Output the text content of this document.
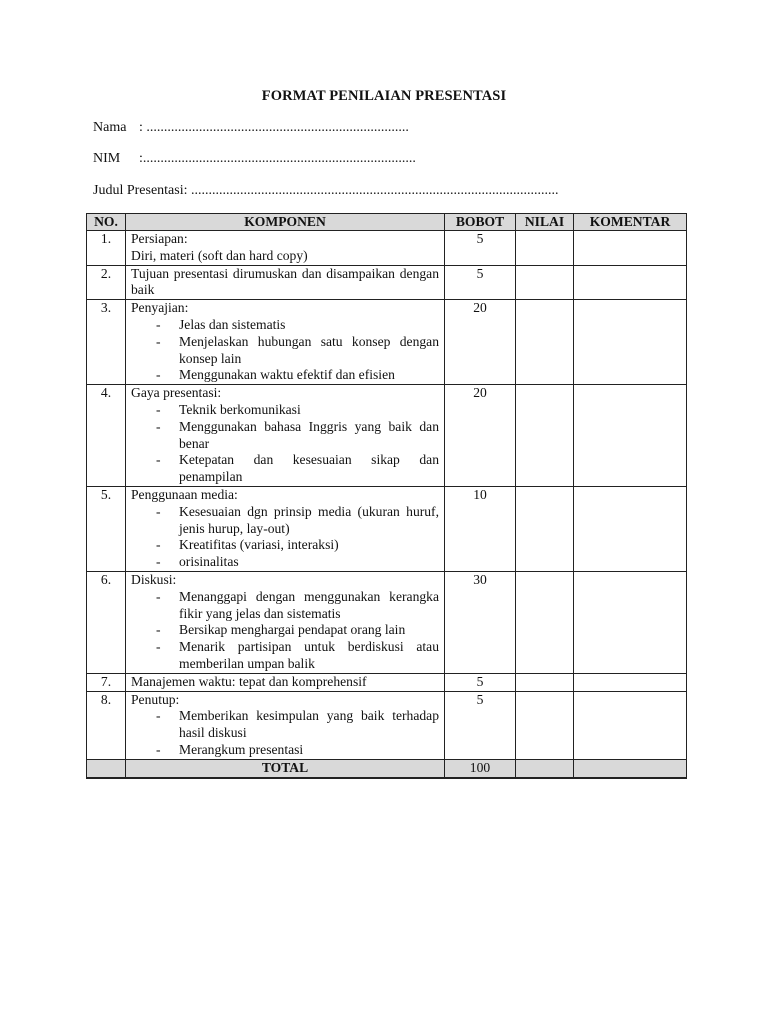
FORMAT PENILAIAN PRESENTASI
Nama : ...........................................................................
NIM :..............................................................................
Judul Presentasi: .........................................................................................................
NO.	KOMPONEN	BOBOT	NILAI	KOMENTAR
1.	Persiapan:
Diri, materi (soft dan hard copy)	5		
2.	Tujuan presentasi dirumuskan dan disampaikan dengan baik	5		
3.	Penyajian:
- Jelas dan sistematis
- Menjelaskan hubungan satu konsep dengan konsep lain
- Menggunakan waktu efektif dan efisien
	20		
4.	Gaya presentasi:
- Teknik berkomunikasi
- Menggunakan bahasa Inggris yang baik dan benar
- Ketepatan dan kesesuaian sikap dan penampilan
	20		
5.	Penggunaan media:
- Kesesuaian dgn prinsip media (ukuran huruf, jenis hurup, lay-out)
- Kreatifitas (variasi, interaksi)
- orisinalitas
	10		
6.	Diskusi:
- Menanggapi dengan menggunakan kerangka fikir yang jelas dan sistematis
- Bersikap menghargai pendapat orang lain
- Menarik partisipan untuk berdiskusi atau memberilan umpan balik
	30		
7.	Manajemen waktu: tepat dan komprehensif	5		
8.	Penutup:
- Memberikan kesimpulan yang baik terhadap hasil diskusi
- Merangkum presentasi
	5		
	TOTAL	100		
